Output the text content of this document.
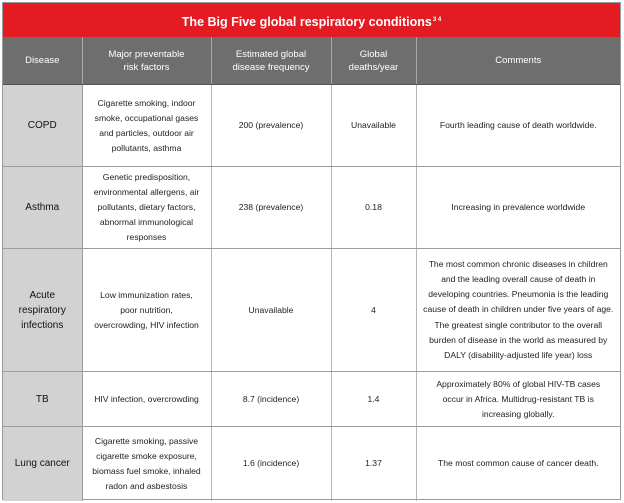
The Big Five global respiratory conditions$^{3 4}$
Disease	Major preventable risk factors	Estimated global disease frequency	Global deaths/year	Comments
COPD	Cigarette smoking, indoor smoke, occupational gases and particles, outdoor air pollutants, asthma	200 (prevalence)	Unavailable	Fourth leading cause of death worldwide.
Asthma	Genetic predisposition, environmental allergens, air pollutants, dietary factors, abnormal immunological responses	238 (prevalence)	0.18	Increasing in prevalence worldwide
Acute respiratory infections	Low immunization rates, poor nutrition, overcrowding, HIV infection	Unavailable	4	The most common chronic diseases in children and the leading overall cause of death in developing countries. Pneumonia is the leading cause of death in children under five years of age. The greatest single contributor to the overall burden of disease in the world as measured by DALY (disability-adjusted life year) loss
TB	HIV infection, overcrowding	8.7 (incidence)	1.4	Approximately 80% of global HIV-TB cases occur in Africa. Multidrug-resistant TB is increasing globally.
Lung cancer	Cigarette smoking, passive cigarette smoke exposure, biomass fuel smoke, inhaled radon and asbestosis	1.6 (incidence)	1.37	The most common cause of cancer death.
